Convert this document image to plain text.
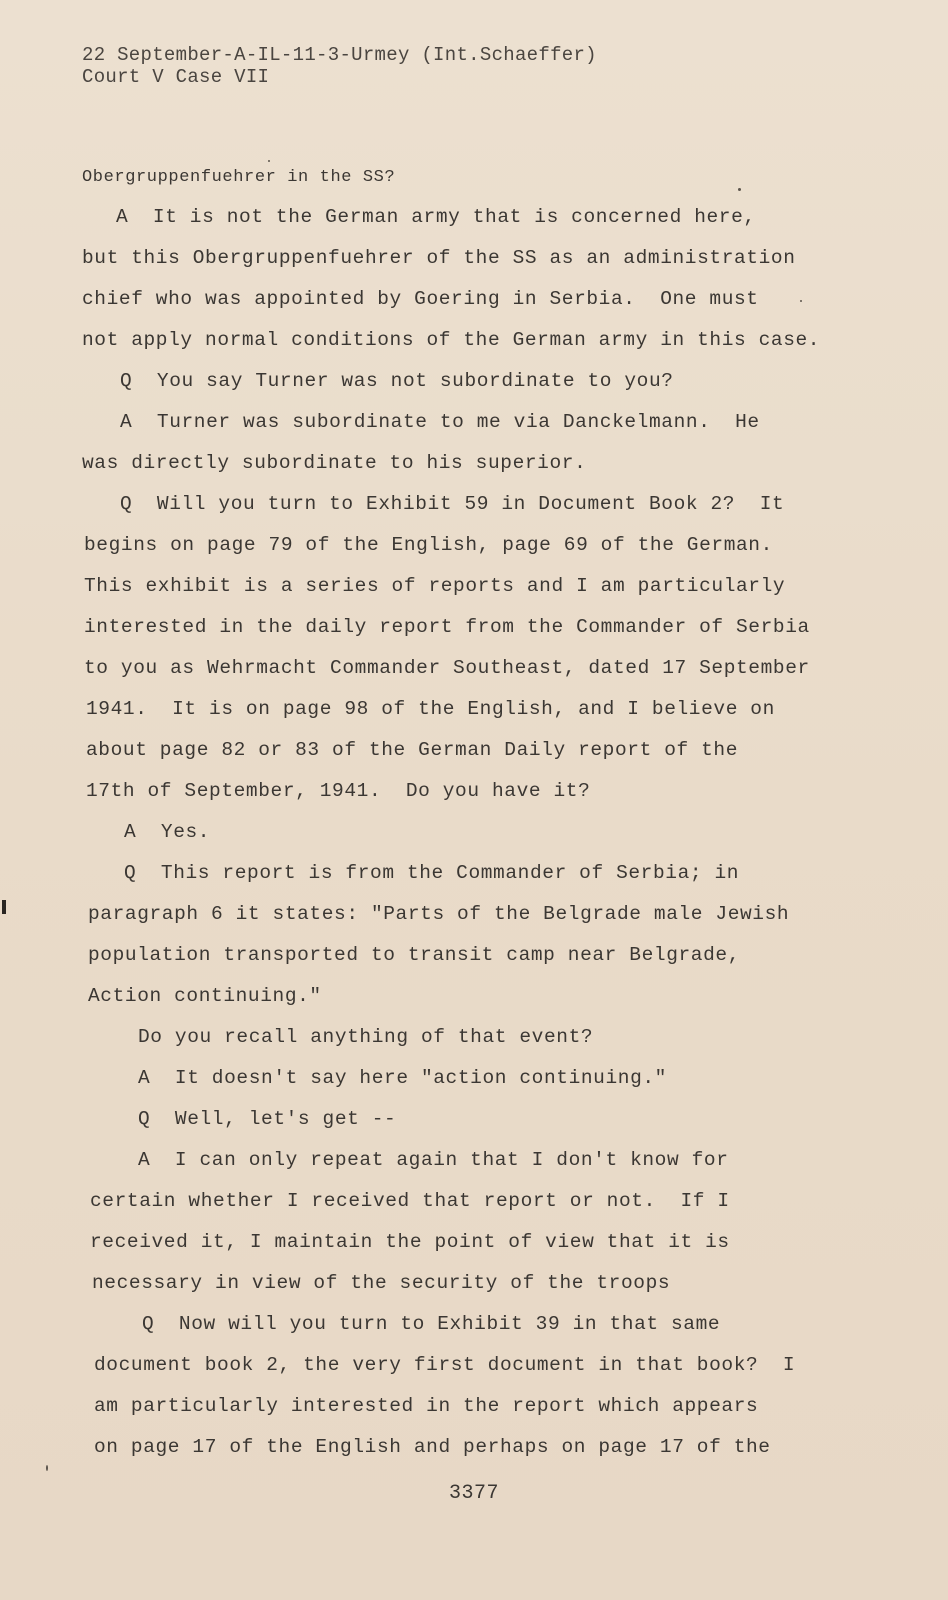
22 September-A-IL-11-3-Urmey (Int.Schaeffer)
Court V Case VII
Obergruppenfuehrer in the SS?
A  It is not the German army that is concerned here,
but this Obergruppenfuehrer of the SS as an administration
chief who was appointed by Goering in Serbia.  One must
not apply normal conditions of the German army in this case.
Q  You say Turner was not subordinate to you?
A  Turner was subordinate to me via Danckelmann.  He
was directly subordinate to his superior.
Q  Will you turn to Exhibit 59 in Document Book 2?  It
begins on page 79 of the English, page 69 of the German.
This exhibit is a series of reports and I am particularly
interested in the daily report from the Commander of Serbia
to you as Wehrmacht Commander Southeast, dated 17 September
1941.  It is on page 98 of the English, and I believe on
about page 82 or 83 of the German Daily report of the
17th of September, 1941.  Do you have it?
A  Yes.
Q  This report is from the Commander of Serbia; in
paragraph 6 it states: "Parts of the Belgrade male Jewish
population transported to transit camp near Belgrade,
Action continuing."
Do you recall anything of that event?
A  It doesn't say here "action continuing."
Q  Well, let's get --
A  I can only repeat again that I don't know for
certain whether I received that report or not.  If I
received it, I maintain the point of view that it is
necessary in view of the security of the troops
Q  Now will you turn to Exhibit 39 in that same
document book 2, the very first document in that book?  I
am particularly interested in the report which appears
on page 17 of the English and perhaps on page 17 of the
3377
